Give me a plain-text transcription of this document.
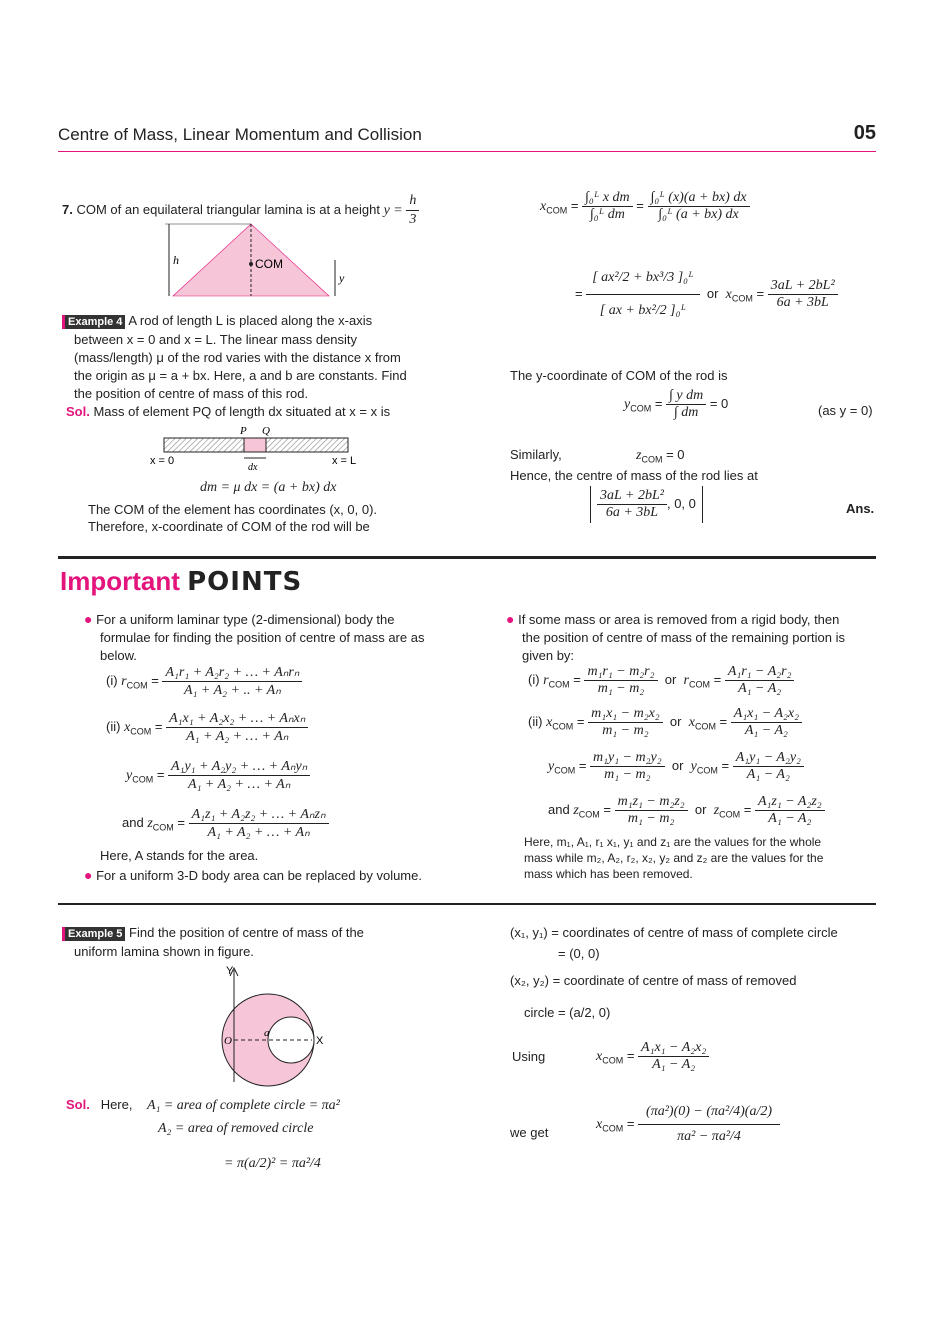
Centre of Mass, Linear Momentum and Collision	05
7. COM of an equilateral triangular lamina is at a height $y = \frac{h}{3}$
h	COM
y
Example 4 A rod of length L is placed along the x-axis
between x = 0 and x = L. The linear mass density
(mass/length) μ of the rod varies with the distance x from
the origin as μ = a + bx. Here, a and b are constants. Find
the position of centre of mass of this rod.
Sol. Mass of element PQ of length dx situated at x = x is
P Q
x = 0
dx
x = L
dm = μ dx = (a + bx) dx
The COM of the element has coordinates (x, 0, 0).
Therefore, x-coordinate of COM of the rod will be
$x_{COM} = \frac{\text{∫₀ᴸ x dm}}{\text{∫₀ᴸ dm}} = \frac{\text{∫₀ᴸ (x)(a + bx) dx}}{\text{∫₀ᴸ (a + bx) dx}}$
= $\frac{\text{[ ax²/2 + bx³/3 ]₀ᴸ}}{\text{[ ax + bx²/2 ]₀ᴸ}}$ or $x_{COM} = \frac{\text{3aL + 2bL²}}{6a + 3bL}$
The y-coordinate of COM of the rod is
$y_{COM} = \frac{\text{∫ y dm}}{\int dm} = 0$	(as y = 0)
Similarly,	$z_{COM} = 0$
Hence, the centre of mass of the rod lies at
$\frac{\text{3aL + 2bL²}}{6a + 3bL}$ , 0, 0	Ans.
Important POINTS
● For a uniform laminar type (2-dimensional) body the
formulae for finding the position of centre of mass are as
below.
(i) $r_{COM} = \frac{\text{A₁r₁ + A₂r₂ + … + Aₙrₙ}}{\text{A₁ + A₂ + .. + Aₙ}}$
(ii) $x_{COM} = \frac{\text{A₁x₁ + A₂x₂ + … + Aₙxₙ}}{\text{A₁ + A₂ + … + Aₙ}}$
$y_{COM} = \frac{\text{A₁y₁ + A₂y₂ + … + Aₙyₙ}}{\text{A₁ + A₂ + … + Aₙ}}$
and $z_{COM} = \frac{\text{A₁z₁ + A₂z₂ + … + Aₙzₙ}}{\text{A₁ + A₂ + … + Aₙ}}$
Here, A stands for the area.
● For a uniform 3-D body area can be replaced by volume.
● If some mass or area is removed from a rigid body, then
the position of centre of mass of the remaining portion is
given by:
(i) $r_{COM} = \frac{\text{m₁r₁ − m₂r₂}}{\text{m₁ − m₂}}$ or $r_{COM} = \frac{\text{A₁r₁ − A₂r₂}}{\text{A₁ − A₂}}$
(ii) $x_{COM} = \frac{\text{m₁x₁ − m₂x₂}}{\text{m₁ − m₂}}$ or $x_{COM} = \frac{\text{A₁x₁ − A₂x₂}}{\text{A₁ − A₂}}$
$y_{COM} = \frac{\text{m₁y₁ − m₂y₂}}{\text{m₁ − m₂}}$ or $y_{COM} = \frac{\text{A₁y₁ − A₂y₂}}{\text{A₁ − A₂}}$
and $z_{COM} = \frac{\text{m₁z₁ − m₂z₂}}{\text{m₁ − m₂}}$ or $z_{COM} = \frac{\text{A₁z₁ − A₂z₂}}{\text{A₁ − A₂}}$
Here, m₁, A₁, r₁ x₁, y₁ and z₁ are the values for the whole
mass while m₂, A₂, r₂, x₂, y₂ and z₂ are the values for the
mass which has been removed.
Example 5 Find the position of centre of mass of the
uniform lamina shown in figure.
Y
X
O
a
Sol. Here, A₁ = area of complete circle = πa²
A₂ = area of removed circle
= π(a/2)² = πa²/4
(x₁, y₁) = coordinates of centre of mass of complete circle
= (0, 0)
(x₂, y₂) = coordinate of centre of mass of removed
circle = (a/2, 0)
Using	$x_{COM} = \frac{\text{A₁x₁ − A₂x₂}}{\text{A₁ − A₂}}$
we get
$x_{COM} = \frac{\text{(πa²)(0) − (πa²/4)(a/2)}}{\text{πa² − πa²/4}}$
